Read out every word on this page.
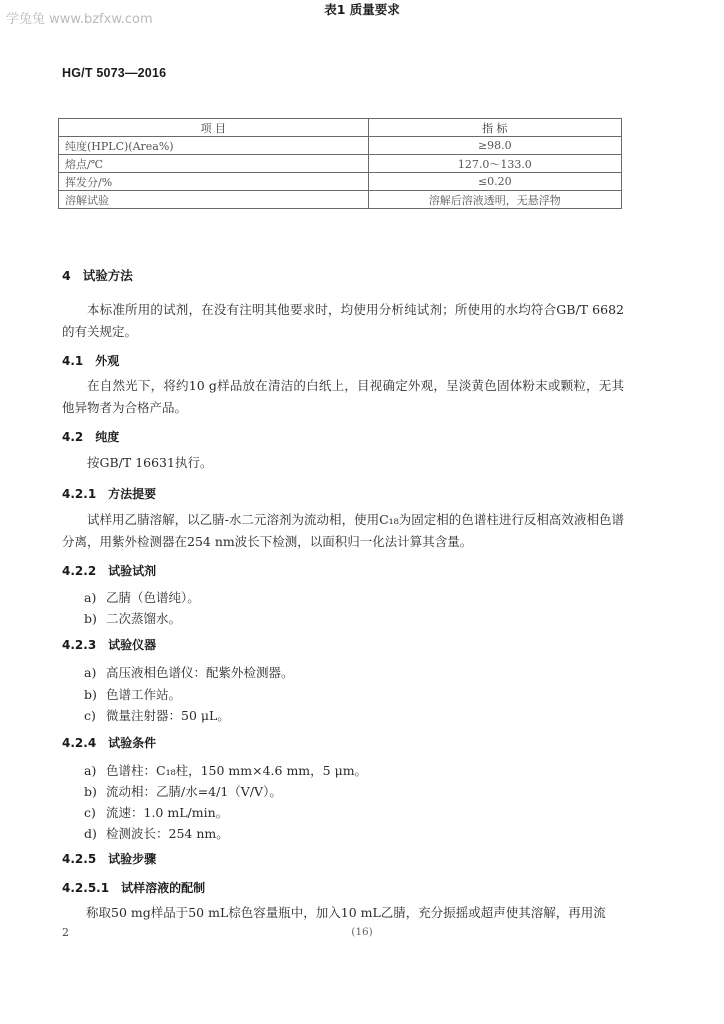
学兔兔 www.bzfxw.com
HG/T 5073—2016
表1 质量要求
项 目	指 标
纯度(HPLC)(Area%)	≥98.0
熔点/℃	127.0～133.0
挥发分/%	≤0.20
溶解试验	溶解后溶液透明，无悬浮物
4 试验方法
本标准所用的试剂，在没有注明其他要求时，均使用分析纯试剂；所使用的水均符合GB/T 6682的有关规定。
4.1 外观
在自然光下，将约10 g样品放在清洁的白纸上，目视确定外观，呈淡黄色固体粉末或颗粒，无其他异物者为合格产品。
4.2 纯度
按GB/T 16631执行。
4.2.1 方法提要
试样用乙腈溶解，以乙腈-水二元溶剂为流动相，使用C₁₈为固定相的色谱柱进行反相高效液相色谱分离，用紫外检测器在254 nm波长下检测，以面积归一化法计算其含量。
4.2.2 试验试剂
a) 乙腈（色谱纯）。
b) 二次蒸馏水。
4.2.3 试验仪器
a) 高压液相色谱仪：配紫外检测器。
b) 色谱工作站。
c) 微量注射器：50 μL。
4.2.4 试验条件
a) 色谱柱：C₁₈柱，150 mm×4.6 mm，5 μm。
b) 流动相：乙腈/水=4/1（V/V）。
c) 流速：1.0 mL/min。
d) 检测波长：254 nm。
4.2.5 试验步骤
4.2.5.1 试样溶液的配制
称取50 mg样品于50 mL棕色容量瓶中，加入10 mL乙腈，充分振摇或超声使其溶解，再用流
2	(16)
